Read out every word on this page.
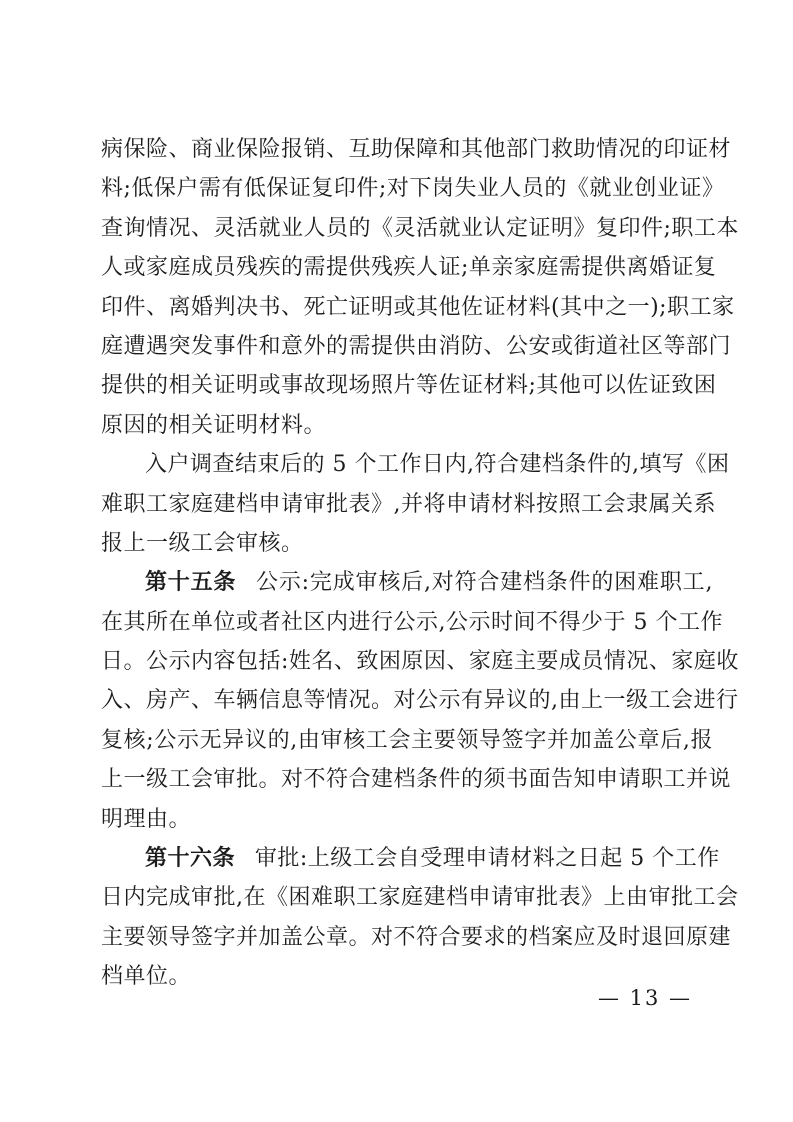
病保险、商业保险报销、互助保障和其他部门救助情况的印证材
料;低保户需有低保证复印件;对下岗失业人员的《就业创业证》
查询情况、灵活就业人员的《灵活就业认定证明》复印件;职工本
人或家庭成员残疾的需提供残疾人证;单亲家庭需提供离婚证复
印件、离婚判决书、死亡证明或其他佐证材料(其中之一);职工家
庭遭遇突发事件和意外的需提供由消防、公安或街道社区等部门
提供的相关证明或事故现场照片等佐证材料;其他可以佐证致困
原因的相关证明材料。
入户调查结束后的 5 个工作日内,符合建档条件的,填写《困
难职工家庭建档申请审批表》,并将申请材料按照工会隶属关系
报上一级工会审核。
第十五条 公示:完成审核后,对符合建档条件的困难职工,
在其所在单位或者社区内进行公示,公示时间不得少于 5 个工作
日。公示内容包括:姓名、致困原因、家庭主要成员情况、家庭收
入、房产、车辆信息等情况。对公示有异议的,由上一级工会进行
复核;公示无异议的,由审核工会主要领导签字并加盖公章后,报
上一级工会审批。对不符合建档条件的须书面告知申请职工并说
明理由。
第十六条 审批:上级工会自受理申请材料之日起 5 个工作
日内完成审批,在《困难职工家庭建档申请审批表》上由审批工会
主要领导签字并加盖公章。对不符合要求的档案应及时退回原建
档单位。
— 13 —
